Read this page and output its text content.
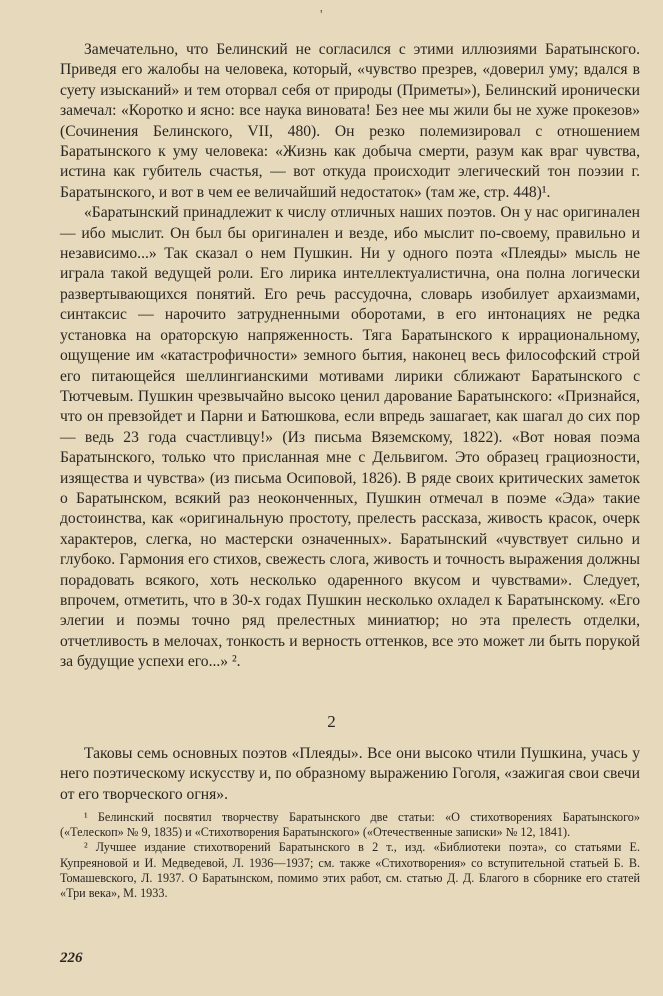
'

Замечательно, что Белинский не согласился с этими иллюзиями Баратынского. Приведя его жалобы на человека, который, «чувство презрев, «доверил уму; вдался в суету изысканий» и тем оторвал себя от природы (Приметы»), Белинский иронически замечал: «Коротко и ясно: все наука виновата! Без нее мы жили бы не хуже прокезов» (Сочинения Белинского, VII, 480). Он резко полемизировал с отношением Баратынского к уму человека: «Жизнь как добыча смерти, разум как враг чувства, истина как губитель счастья, — вот откуда происходит элегический тон поэзии г. Баратынского, и вот в чем ее величайший недостаток» (там же, стр. 448)¹.

«Баратынский принадлежит к числу отличных наших поэтов. Он у нас оригинален — ибо мыслит. Он был бы оригинален и везде, ибо мыслит по-своему, правильно и независимо...» Так сказал о нем Пушкин. Ни у одного поэта «Плеяды» мысль не играла такой ведущей роли. Его лирика интеллектуалистична, она полна логически развертывающихся понятий. Его речь рассудочна, словарь изобилует архаизмами, синтаксис — нарочито затрудненными оборотами, в его интонациях не редка установка на ораторскую напряженность. Тяга Баратынского к иррациональному, ощущение им «катастрофичности» земного бытия, наконец весь философский строй его питающейся шеллингианскими мотивами лирики сближают Баратынского с Тютчевым. Пушкин чрезвычайно высоко ценил дарование Баратынского: «Признайся, что он превзойдет и Парни и Батюшкова, если впредь зашагает, как шагал до сих пор — ведь 23 года счастливцу!» (Из письма Вяземскому, 1822). «Вот новая поэма Баратынского, только что присланная мне с Дельвигом. Это образец грациозности, изящества и чувства» (из письма Осиповой, 1826). В ряде своих критических заметок о Баратынском, всякий раз неоконченных, Пушкин отмечал в поэме «Эда» такие достоинства, как «оригинальную простоту, прелесть рассказа, живость красок, очерк характеров, слегка, но мастерски означенных». Баратынский «чувствует сильно и глубоко. Гармония его стихов, свежесть слога, живость и точность выражения должны порадовать всякого, хоть несколько одаренного вкусом и чувствами». Следует, впрочем, отметить, что в 30-х годах Пушкин несколько охладел к Баратынскому. «Его элегии и поэмы точно ряд прелестных миниатюр; но эта прелесть отделки, отчетливость в мелочах, тонкость и верность оттенков, все это может ли быть порукой за будущие успехи его...» ².

2

Таковы семь основных поэтов «Плеяды». Все они высоко чтили Пушкина, учась у него поэтическому искусству и, по образному выражению Гоголя, «зажигая свои свечи от его творческого огня».

¹ Белинский посвятил творчеству Баратынского две статьи: «О стихотворениях Баратынского» («Телескоп» № 9, 1835) и «Стихотворения Баратынского» («Отечественные записки» № 12, 1841).

² Лучшее издание стихотворений Баратынского в 2 т., изд. «Библиотеки поэта», со статьями Е. Купреяновой и И. Медведевой, Л. 1936—1937; см. также «Стихотворения» со вступительной статьей Б. В. Томашевского, Л. 1937. О Баратынском, помимо этих работ, см. статью Д. Д. Благого в сборнике его статей «Три века», М. 1933.

226
